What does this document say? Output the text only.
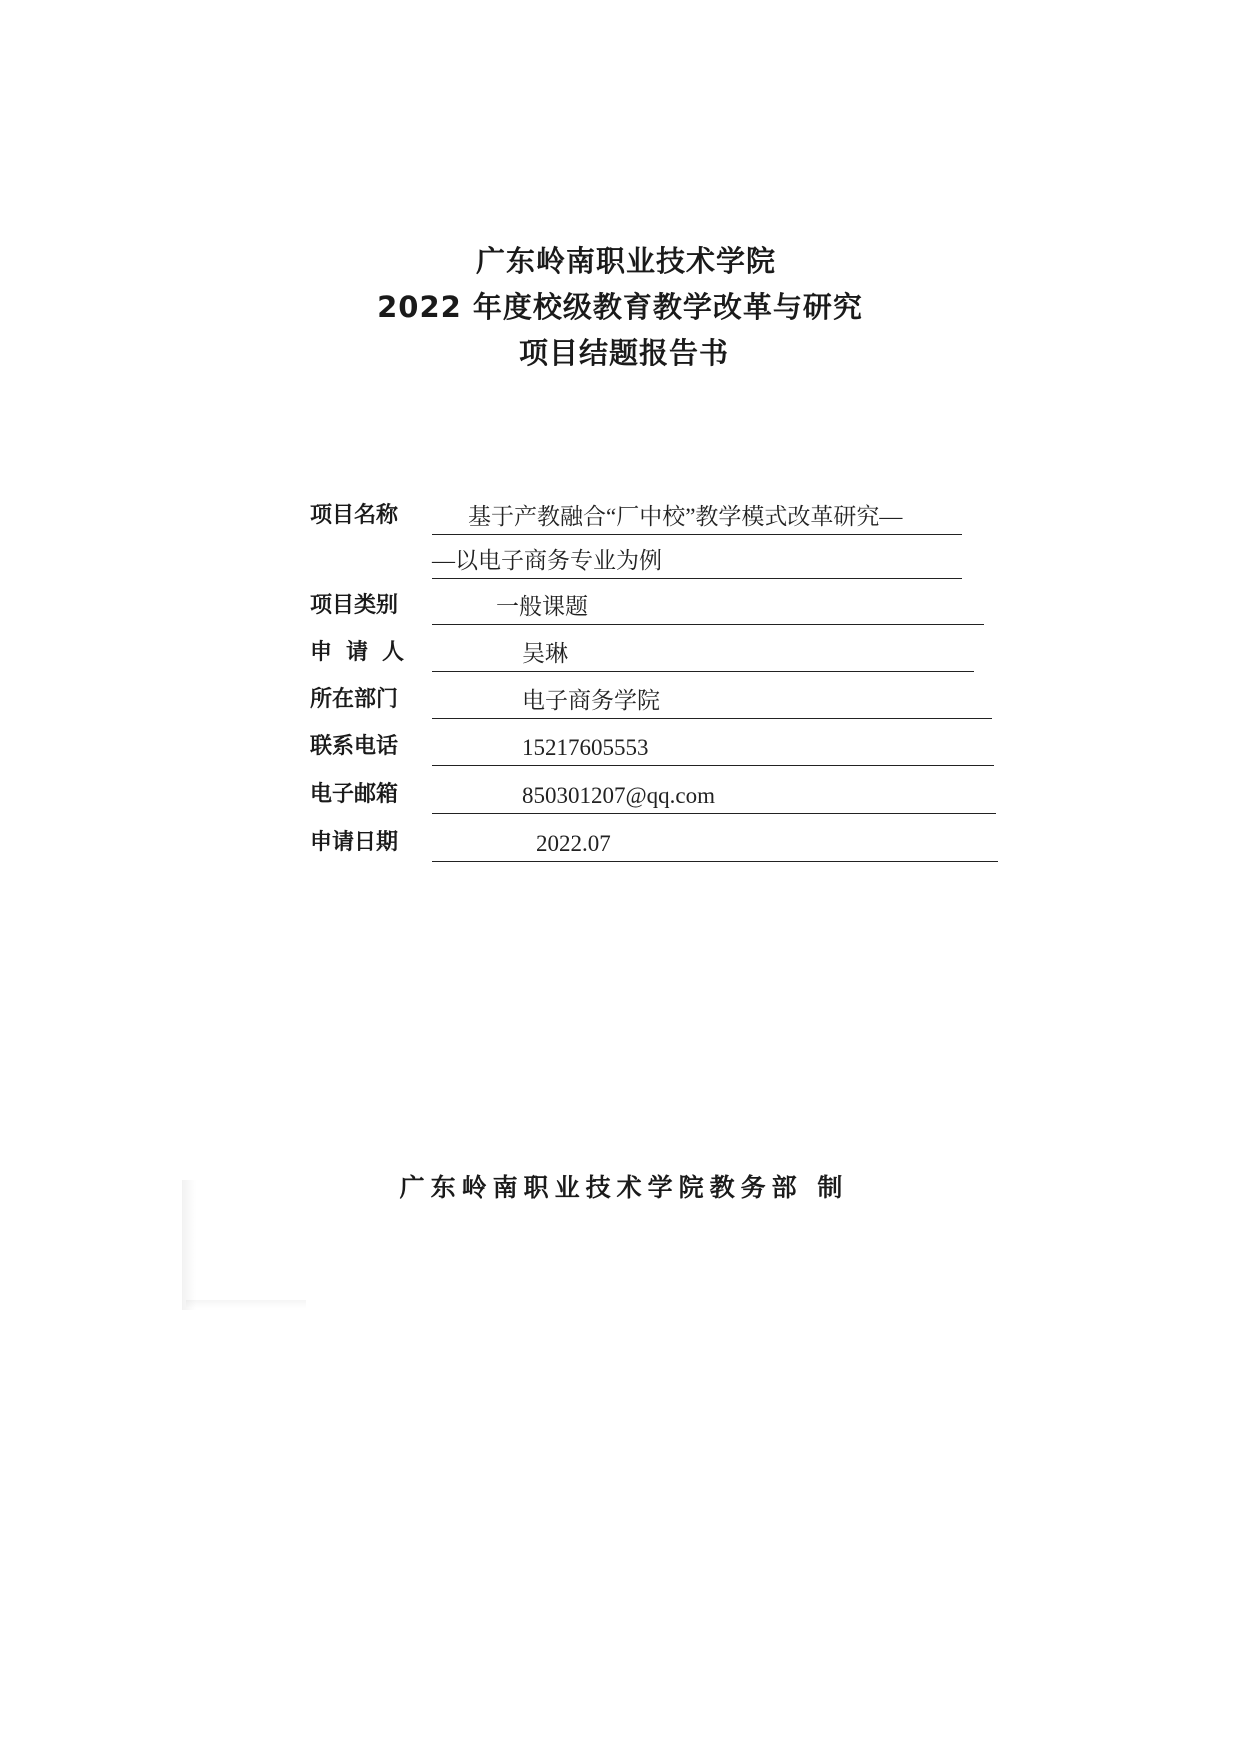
广东岭南职业技术学院
2022 年度校级教育教学改革与研究
项目结题报告书
项目名称	基于产教融合“厂中校”教学模式改革研究—
—以电子商务专业为例
项目类别	一般课题
申请人	吴琳
所在部门	电子商务学院
联系电话	15217605553
电子邮箱	850301207@qq.com
申请日期	2022.07
广东岭南职业技术学院教务部 制
